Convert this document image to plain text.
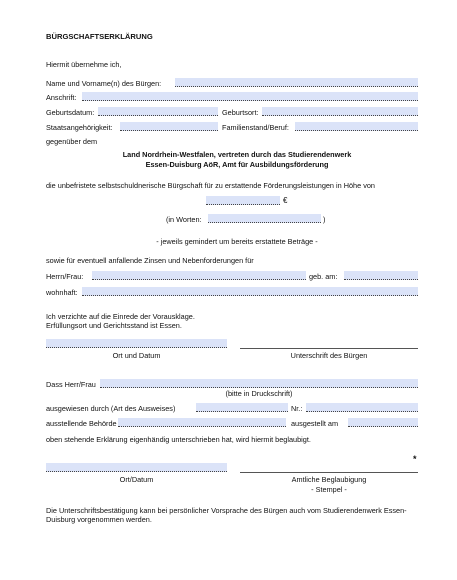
BÜRGSCHAFTSERKLÄRUNG
Hiermit übernehme ich,
Name und Vorname(n) des Bürgen:
Anschrift:
Geburtsdatum:	Geburtsort:
Staatsangehörigkeit:	Familienstand/Beruf:
gegenüber dem
Land Nordrhein-Westfalen, vertreten durch das Studierendenwerk
Essen-Duisburg AöR, Amt für Ausbildungsförderung
die unbefristete selbstschuldnerische Bürgschaft für zu erstattende Förderungsleistungen in Höhe von
€
(in Worten:	)
- jeweils gemindert um bereits erstattete Beträge -
sowie für eventuell anfallende Zinsen und Nebenforderungen für
Herrn/Frau:	geb. am:
wohnhaft:
Ich verzichte auf die Einrede der Vorausklage.
Erfüllungsort und Gerichtsstand ist Essen.
Ort und Datum	Unterschrift des Bürgen
Dass Herr/Frau
(bitte in Druckschrift)
ausgewiesen durch (Art des Ausweises)	Nr.:
ausstellende Behörde	ausgestellt am
oben stehende Erklärung eigenhändig unterschrieben hat, wird hiermit beglaubigt.
*
Ort/Datum	Amtliche Beglaubigung
- Stempel -
Die Unterschriftsbestätigung kann bei persönlicher Vorsprache des Bürgen auch vom Studierendenwerk Essen-
Duisburg vorgenommen werden.
